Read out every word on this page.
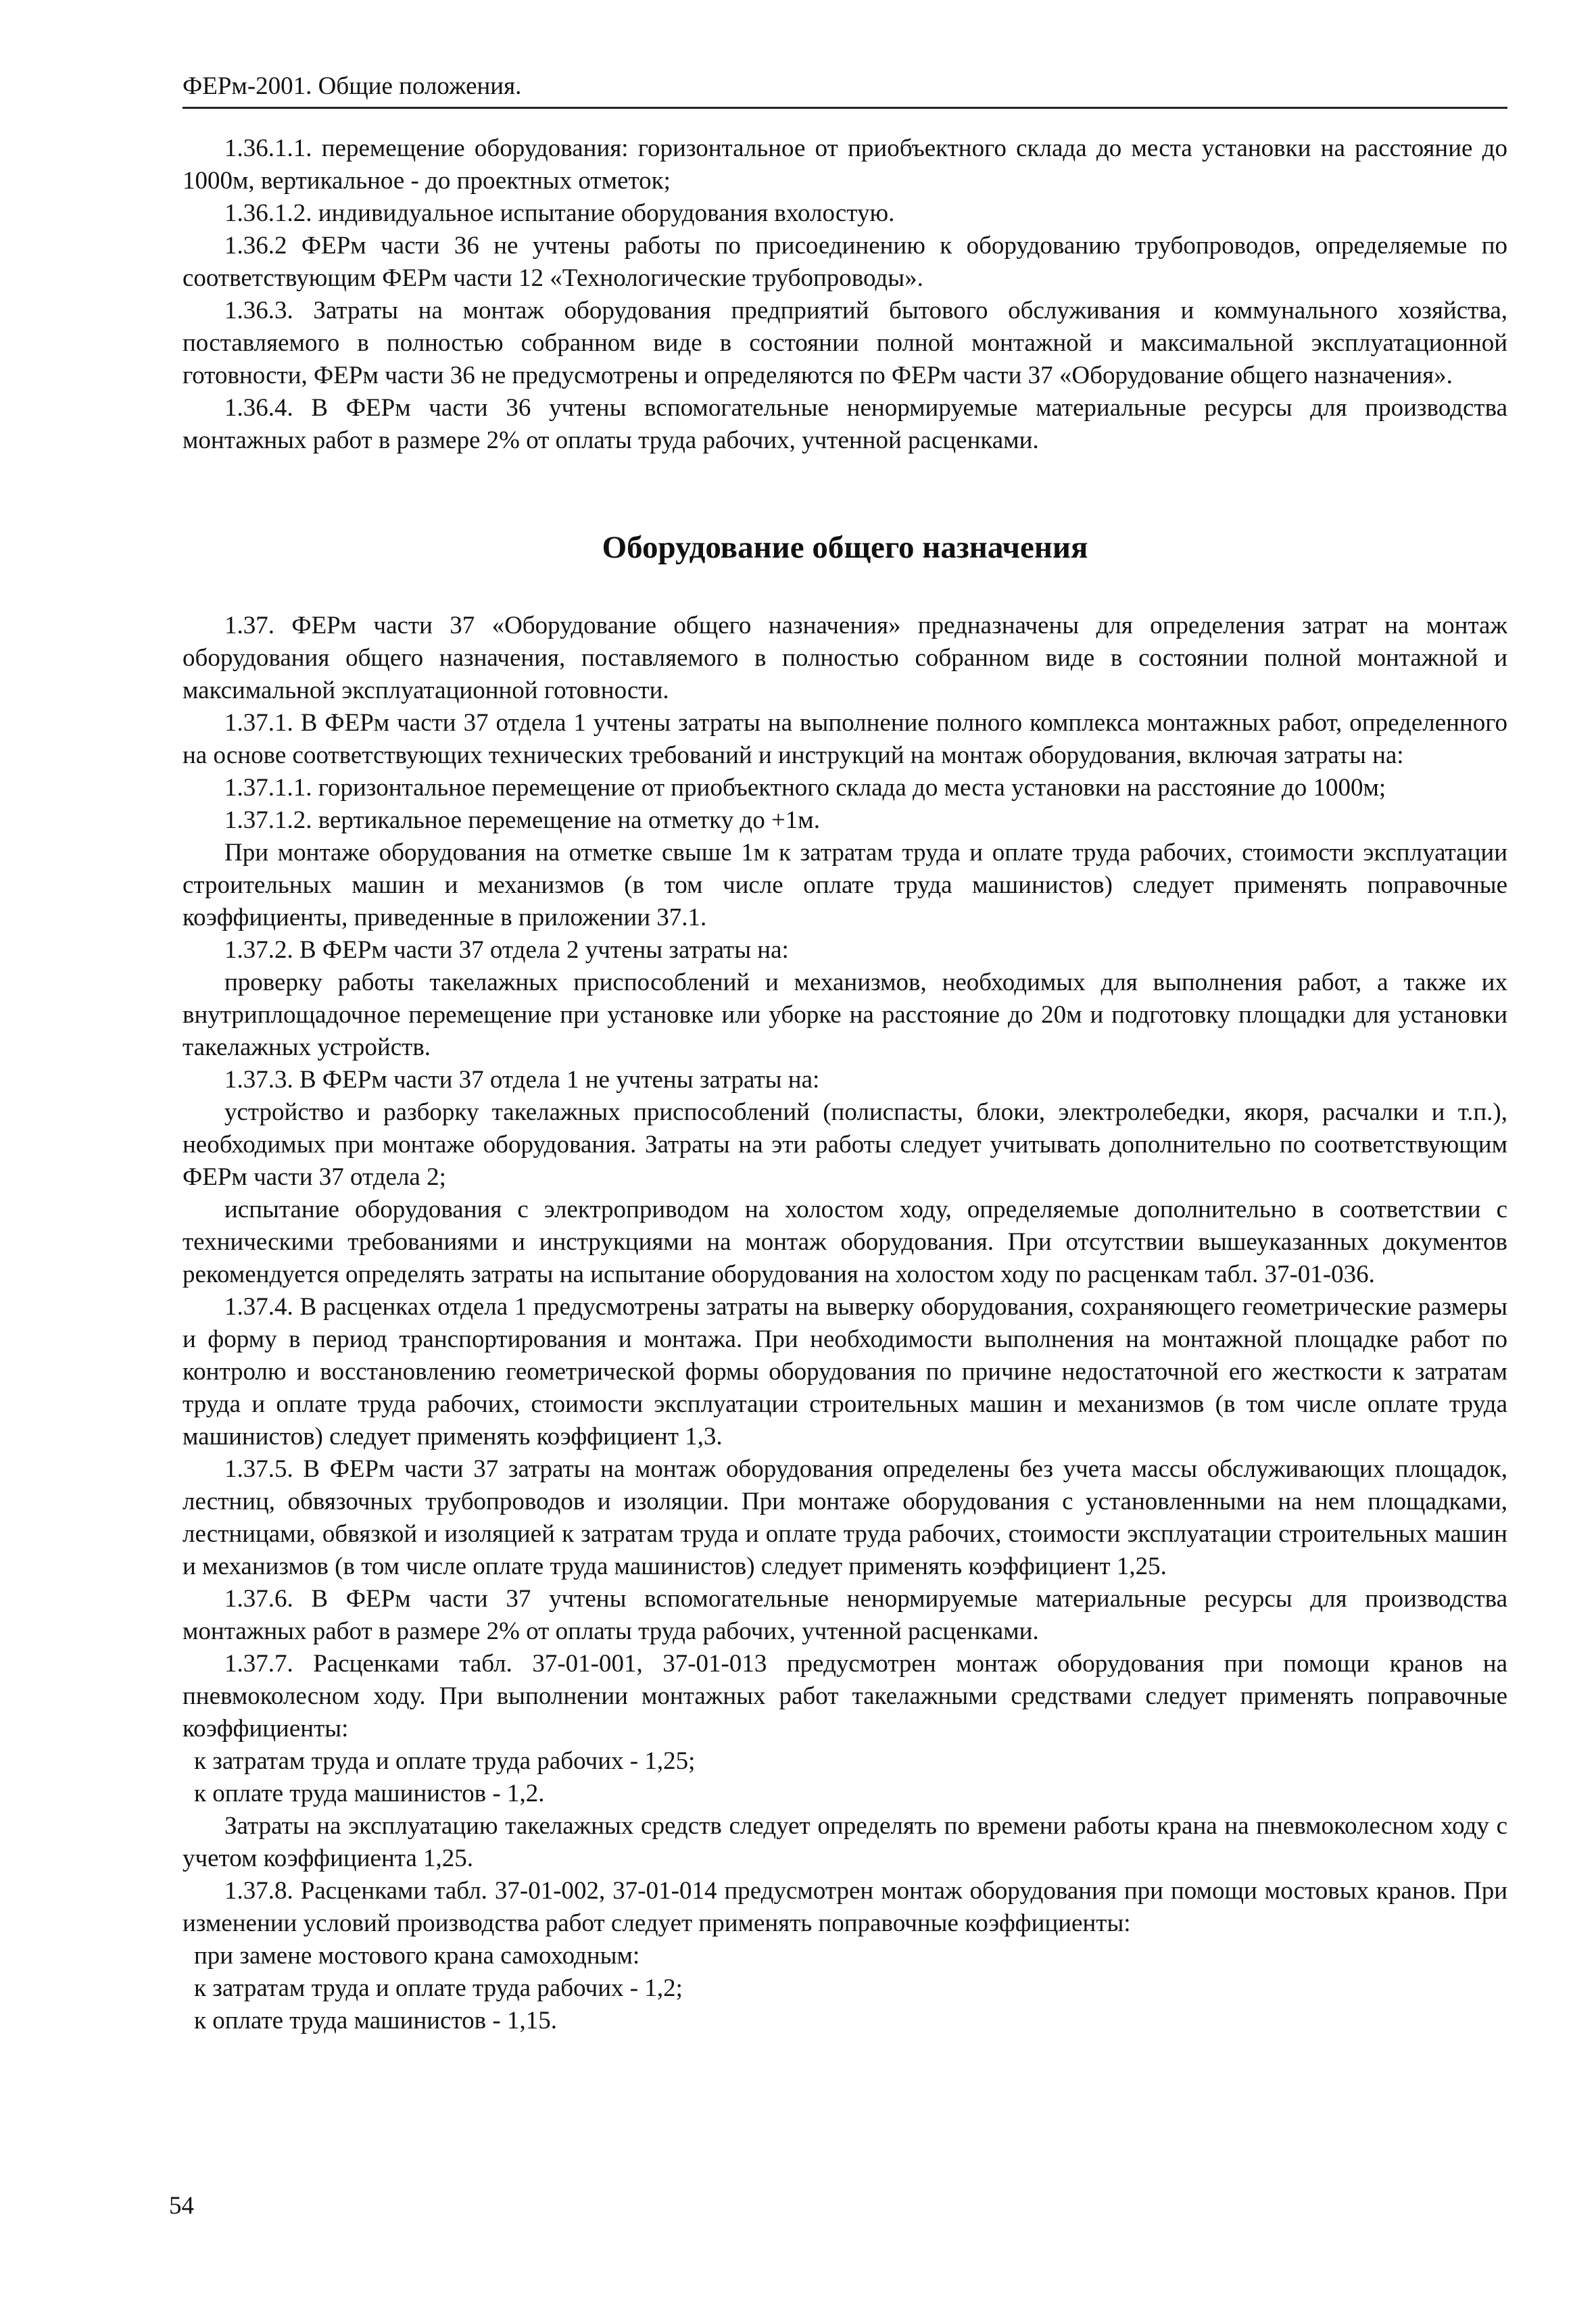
ФЕРм-2001. Общие положения.

1.36.1.1. перемещение оборудования: горизонтальное от приобъектного склада до места установки на расстояние до 1000м, вертикальное - до проектных отметок;

1.36.1.2. индивидуальное испытание оборудования вхолостую.

1.36.2 ФЕРм части 36 не учтены работы по присоединению к оборудованию трубопроводов, определяемые по соответствующим ФЕРм части 12 «Технологические трубопроводы».

1.36.3. Затраты на монтаж оборудования предприятий бытового обслуживания и коммунального хозяйства, поставляемого в полностью собранном виде в состоянии полной монтажной и максимальной эксплуатационной готовности, ФЕРм части 36 не предусмотрены и определяются по ФЕРм части 37 «Оборудование общего назначения».

1.36.4. В ФЕРм части 36 учтены вспомогательные ненормируемые материальные ресурсы для производства монтажных работ в размере 2% от оплаты труда рабочих, учтенной расценками.

Оборудование общего назначения

1.37. ФЕРм части 37 «Оборудование общего назначения» предназначены для определения затрат на монтаж оборудования общего назначения, поставляемого в полностью собранном виде в состоянии полной монтажной и максимальной эксплуатационной готовности.

1.37.1. В ФЕРм части 37 отдела 1 учтены затраты на выполнение полного комплекса монтажных работ, определенного на основе соответствующих технических требований и инструкций на монтаж оборудования, включая затраты на:

1.37.1.1. горизонтальное перемещение от приобъектного склада до места установки на расстояние до 1000м;

1.37.1.2. вертикальное перемещение на отметку до +1м.

При монтаже оборудования на отметке свыше 1м к затратам труда и оплате труда рабочих, стоимости эксплуатации строительных машин и механизмов (в том числе оплате труда машинистов) следует применять поправочные коэффициенты, приведенные в приложении 37.1.

1.37.2. В ФЕРм части 37 отдела 2 учтены затраты на:

проверку работы такелажных приспособлений и механизмов, необходимых для выполнения работ, а также их внутриплощадочное перемещение при установке или уборке на расстояние до 20м и подготовку площадки для установки такелажных устройств.

1.37.3. В ФЕРм части 37 отдела 1 не учтены затраты на:

устройство и разборку такелажных приспособлений (полиспасты, блоки, электролебедки, якоря, расчалки и т.п.), необходимых при монтаже оборудования. Затраты на эти работы следует учитывать дополнительно по соответствующим ФЕРм части 37 отдела 2;

испытание оборудования с электроприводом на холостом ходу, определяемые дополнительно в соответствии с техническими требованиями и инструкциями на монтаж оборудования. При отсутствии вышеуказанных документов рекомендуется определять затраты на испытание оборудования на холостом ходу по расценкам табл. 37-01-036.

1.37.4. В расценках отдела 1 предусмотрены затраты на выверку оборудования, сохраняющего геометрические размеры и форму в период транспортирования и монтажа. При необходимости выполнения на монтажной площадке работ по контролю и восстановлению геометрической формы оборудования по причине недостаточной его жесткости к затратам труда и оплате труда рабочих, стоимости эксплуатации строительных машин и механизмов (в том числе оплате труда машинистов) следует применять коэффициент 1,3.

1.37.5. В ФЕРм части 37 затраты на монтаж оборудования определены без учета массы обслуживающих площадок, лестниц, обвязочных трубопроводов и изоляции. При монтаже оборудования с установленными на нем площадками, лестницами, обвязкой и изоляцией к затратам труда и оплате труда рабочих, стоимости эксплуатации строительных машин и механизмов (в том числе оплате труда машинистов) следует применять коэффициент 1,25.

1.37.6. В ФЕРм части 37 учтены вспомогательные ненормируемые материальные ресурсы для производства монтажных работ в размере 2% от оплаты труда рабочих, учтенной расценками.

1.37.7. Расценками табл. 37-01-001, 37-01-013 предусмотрен монтаж оборудования при помощи кранов на пневмоколесном ходу. При выполнении монтажных работ такелажными средствами следует применять поправочные коэффициенты:

к затратам труда и оплате труда рабочих - 1,25;

к оплате труда машинистов - 1,2.

Затраты на эксплуатацию такелажных средств следует определять по времени работы крана на пневмоколесном ходу с учетом коэффициента 1,25.

1.37.8. Расценками табл. 37-01-002, 37-01-014 предусмотрен монтаж оборудования при помощи мостовых кранов. При изменении условий производства работ следует применять поправочные коэффициенты:

при замене мостового крана самоходным:

к затратам труда и оплате труда рабочих - 1,2;

к оплате труда машинистов - 1,15.

54
